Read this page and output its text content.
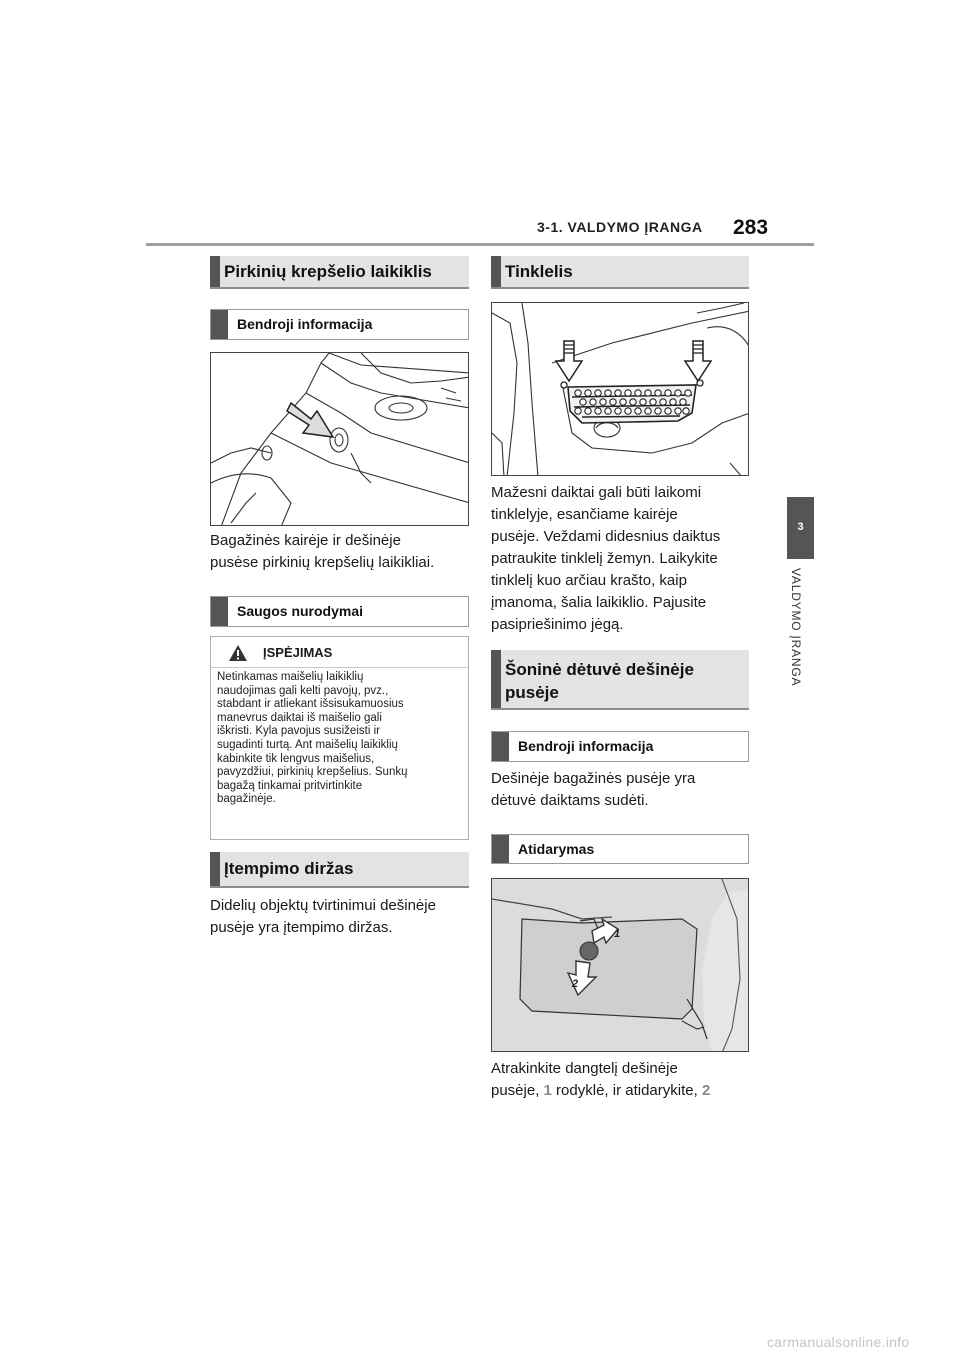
3-1. VALDYMO ĮRANGA 283
3
VALDYMO ĮRANGA
Pirkinių krepšelio laikiklis
Bendroji informacija
Bagažinės kairėje ir dešinėje
pusėse pirkinių krepšelių laikikliai.
Saugos nurodymai
ĮSPĖJIMAS
Netinkamas maišelių laikiklių
naudojimas gali kelti pavojų, pvz.,
stabdant ir atliekant išsisukamuosius
manevrus daiktai iš maišelio gali
iškristi. Kyla pavojus susižeisti ir
sugadinti turtą. Ant maišelių laikiklių
kabinkite tik lengvus maišelius,
pavyzdžiui, pirkinių krepšelius. Sunkų
bagažą tinkamai pritvirtinkite
bagažinėje.
Įtempimo diržas
Didelių objektų tvirtinimui dešinėje
pusėje yra įtempimo diržas.
Tinklelis
Mažesni daiktai gali būti laikomi
tinklelyje, esančiame kairėje
pusėje. Veždami didesnius daiktus
patraukite tinklelį žemyn. Laikykite
tinklelį kuo arčiau krašto, kaip
įmanoma, šalia laikiklio. Pajusite
pasipriešinimo jėgą.
Šoninė dėtuvė dešinėje
pusėje
Bendroji informacija
Dešinėje bagažinės pusėje yra
dėtuvė daiktams sudėti.
Atidarymas
1
2
Atrakinkite dangtelį dešinėje
pusėje, 1 rodyklė, ir atidarykite, 2
carmanualsonline.info
